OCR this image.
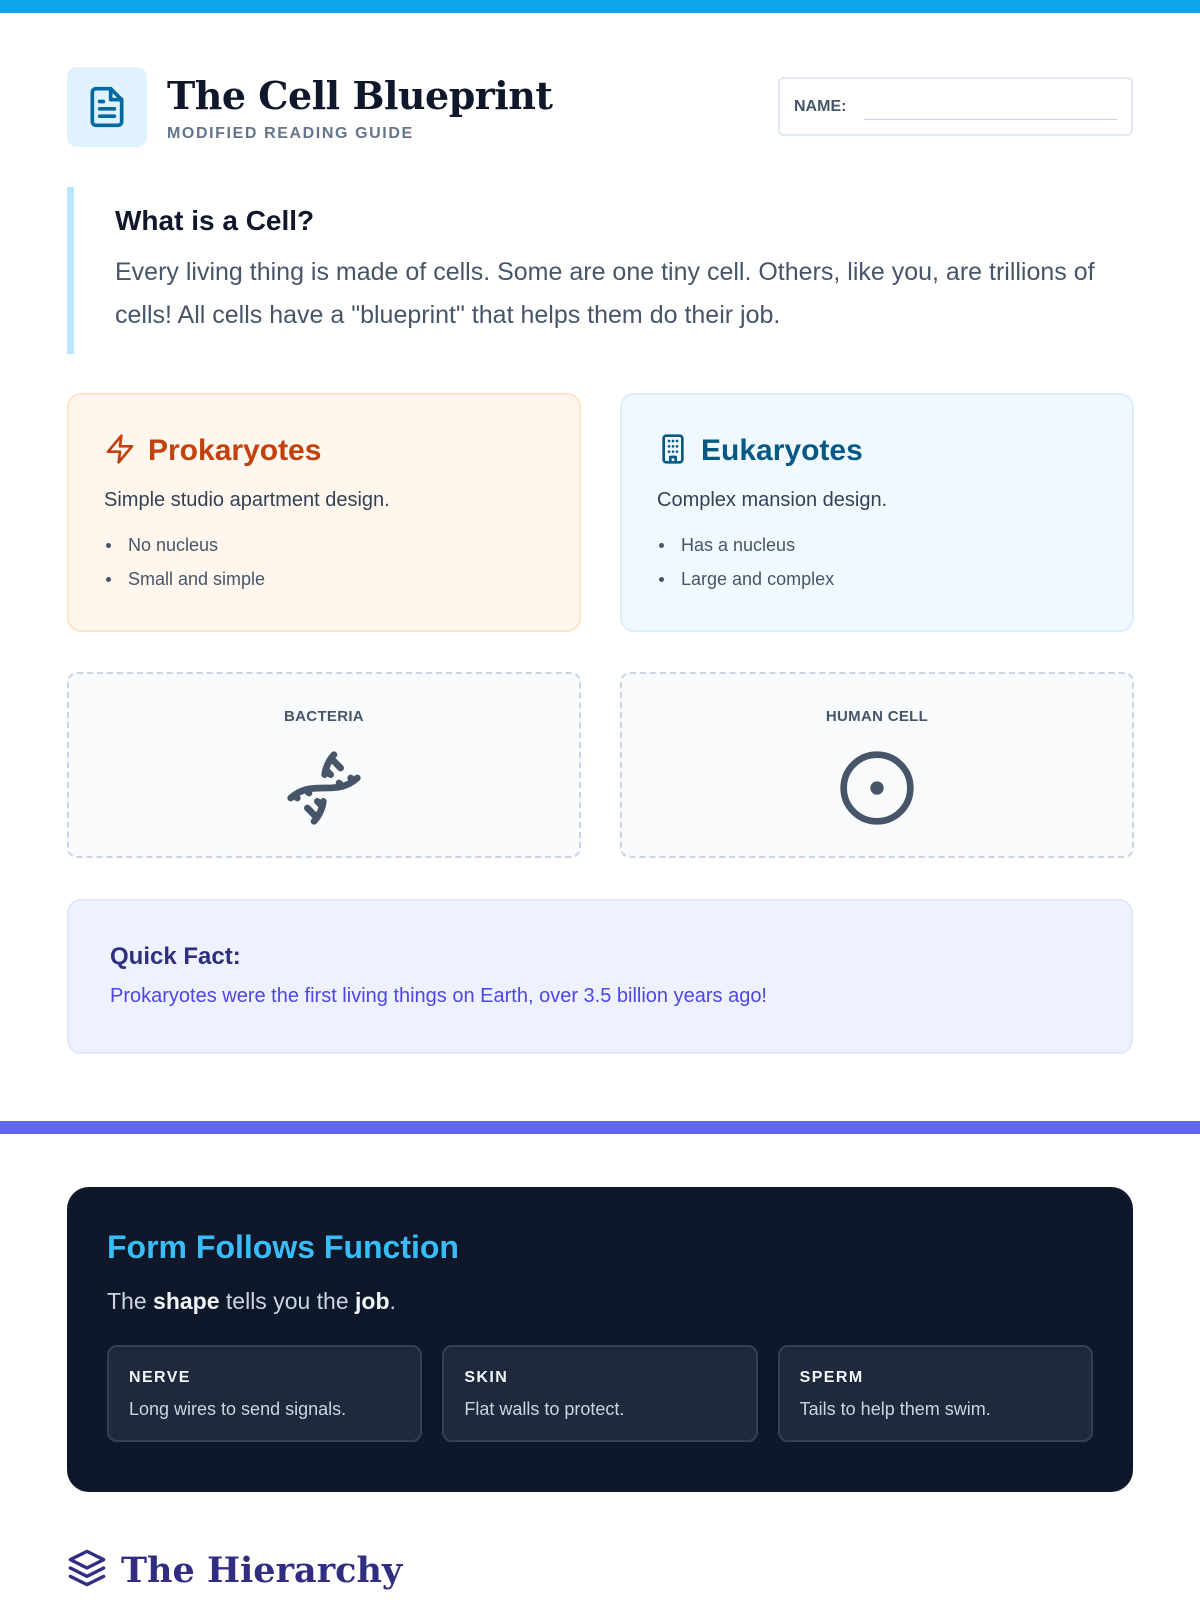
The Cell Blueprint
MODIFIED READING GUIDE
NAME:
What is a Cell?

Every living thing is made of cells. Some are one tiny cell. Others, like you, are trillions of cells! All cells have a "blueprint" that helps them do their job.

Prokaryotes

Simple studio apartment design.

No nucleus
Small and simple
Eukaryotes

Complex mansion design.

Has a nucleus
Large and complex
BACTERIA	HUMAN CELL
Quick Fact:

Prokaryotes were the first living things on Earth, over 3.5 billion years ago!

Form Follows Function

The shape tells you the job.

NERVE
Long wires to send signals.
SKIN
Flat walls to protect.
SPERM
Tails to help them swim.
The Hierarchy
